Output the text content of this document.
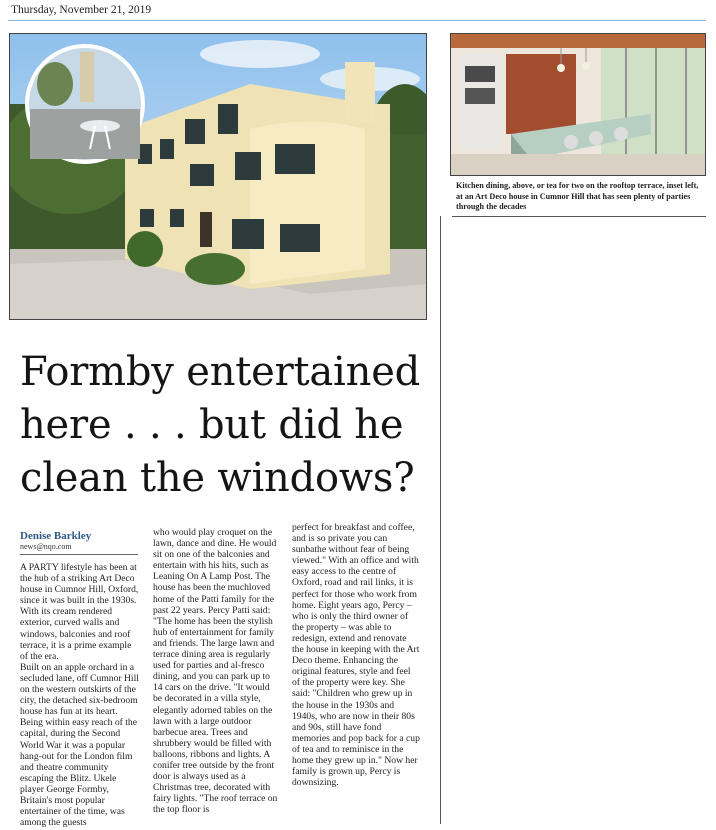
Thursday, November 21, 2019
Kitchen dining, above, or tea for two on the rooftop terrace, inset left, at an Art Deco house in Cumnor Hill that has seen plenty of parties through the decades
Formby entertained
here . . . but did he
clean the windows?
Denise Barkley
news@nqo.com

A PARTY lifestyle has been at the hub of a striking Art Deco house in Cumnor Hill, Oxford, since it was built in the 1930s. With its cream rendered exterior, curved walls and windows, balconies and roof terrace, it is a prime example of the era.

Built on an apple orchard in a secluded lane, off Cumnor Hill on the western outskirts of the city, the detached six-bedroom house has fun at its heart. Being within easy reach of the capital, during the Second World War it was a popular hang-out for the London film and theatre community escaping the Blitz. Ukele player George Formby, Britain's most popular entertainer of the time, was among the guests

who would play croquet on the lawn, dance and dine. He would sit on one of the balconies and entertain with his hits, such as Leaning On A Lamp Post. The house has been the muchloved home of the Patti family for the past 22 years. Percy Patti said: "The home has been the stylish hub of entertainment for family and friends. The large lawn and terrace dining area is regularly used for parties and al-fresco dining, and you can park up to 14 cars on the drive. "It would be decorated in a villa style, elegantly adorned tables on the lawn with a large outdoor barbecue area. Trees and shrubbery would be filled with balloons, ribbons and lights. A conifer tree outside by the front door is always used as a Christmas tree, decorated with fairy lights. "The roof terrace on the top floor is

perfect for breakfast and coffee, and is so private you can sunbathe without fear of being viewed." With an office and with easy access to the centre of Oxford, road and rail links, it is perfect for those who work from home. Eight years ago, Percy – who is only the third owner of the property – was able to redesign, extend and renovate the house in keeping with the Art Deco theme. Enhancing the original features, style and feel of the property were key. She said: "Children who grew up in the house in the 1930s and 1940s, who are now in their 80s and 90s, still have fond memories and pop back for a cup of tea and to reminisce in the home they grew up in." Now her family is grown up, Percy is downsizing.
